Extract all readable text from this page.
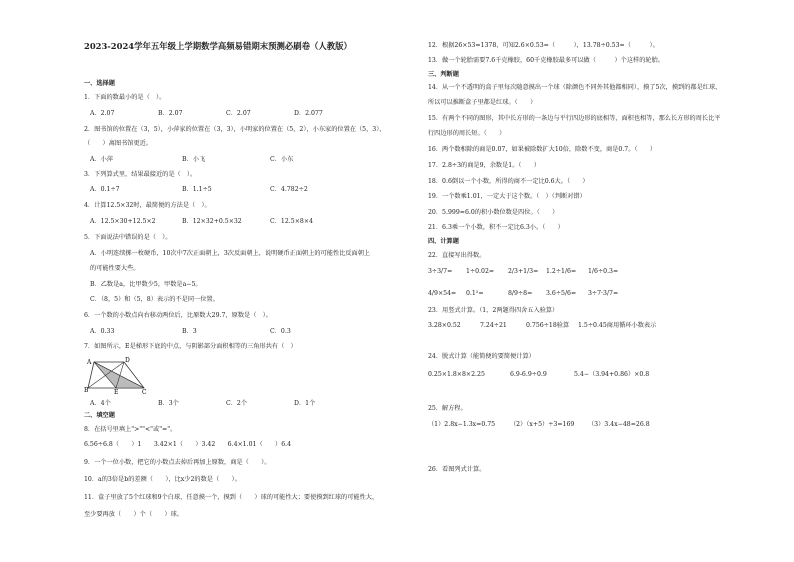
2023-2024学年五年级上学期数学高频易错期末预测必刷卷（人教版）
一、选择题
1．下面的数最小的是（　）。
A．2.07	B．2.0̇7	C．2.0̇7̇	D．2.077
2．图书馆的位置在（3，5），小萍家的位置在（3，3），小明家的位置在（5，2），小东家的位置在（5，3），
（　　）离图书馆更近。
A．小萍	B．小飞	C．小东
3．下列算式里，结果最接近的是（　）。
A．0.1÷7	B．1.1÷5	C．4.782÷2
4．计算12.5×32时，最简便的方法是（　）。
A．12.5×30+12.5×2	B．12×32+0.5×32	C．12.5×8×4
5．下面说法中错误的是（　）。
A．小明连续掷一枚硬币，10次中7次正面朝上，3次反面朝上，说明硬币正面朝上的可能性比反面朝上
的可能性要大些。
B．乙数是a，比甲数少5，甲数是a−5。
C．（8，5）和（5，8）表示的不是同一位置。
6．一个数的小数点向右移动两位后，比原数大29.7，原数是（　）。
A．0.33	B．3	C．0.3
7．如图所示，E是梯形下底的中点，与阴影部分面积相等的三角形共有（　）
A	D
B	E	C
A．4个	B．3个	C．2个	D．1个
二、填空题
8．在括号里填上">""<"或"="。
6.56÷6.8（　　）1　　3.42×1（　　）3.42　　6.4×1.01（　　）6.4
9．一个一位小数，把它的小数点去掉后再加上原数，商是（　　）。
10．a的3倍是b的差额（　　），比x少2的数是（　　）。
11．盒子里放了5个红球和9个白球，任意摸一个，摸到（　　）球的可能性大；要使摸到红球的可能性大，
至少要再放（　　）个（　　）球。
12．根据26×53=1378，可知2.6×0.53=（　　　），13.78÷0.53=（　　　）。
13．做一个轮胎需要7.6千克橡胶，60千克橡胶最多可以做（　　　）个这样的轮胎。
三、判断题
14．从一个不透明的盒子里每次随意摸出一个球（除颜色不同外其他都相同），摸了5次，摸到的都是红球，
所以可以推断盒子里都是红球。（　　）
15．有两个不同的图形，其中长方形的一条边与平行四边形的底相等，面积也相等，那么长方形的周长比平
行四边形的周长短。（　　）
16．两个数相除的商是0.07，如果被除数扩大10倍，除数不变，商是0.7。（　　）
17．2.8÷3的商是9，余数是1。（　　）
18．0.6倒以一个小数，所得的商不一定比0.6大。（　　）
19．一个数乘1.01，一定大于这个数。（　）（判断对错）
20．5.999≈6.0的积小数位数是四位。（　　）
21．6.3乘一个小数，积不一定比6.3小。（　　）
四、计算题
22．直接写出得数。
3÷3/7= 1÷0.02= 2/3+1/3= 1.2÷1/6= 1/6÷0.3=
4/9×54= 0.1²=	8/9÷8= 3.6÷5/6= 3÷7·3/7=
23．用竖式计算。（1、2两题得四舍五入验算）
3.28×0.52	7.24÷21	0.756÷18验算 1.5÷0.45商用循环小数表示
24．脱式计算（能简便的要简便计算）
0.25×1.8×8×2.25	6.9-6.9÷0.9	5.4−（3.94+0.86）×0.8
25．解方程。
（1）2.8x−1.3x=0.75 （2）（x+5）÷3=169 （3）3.4x−48=26.8
26．看图列式计算。
